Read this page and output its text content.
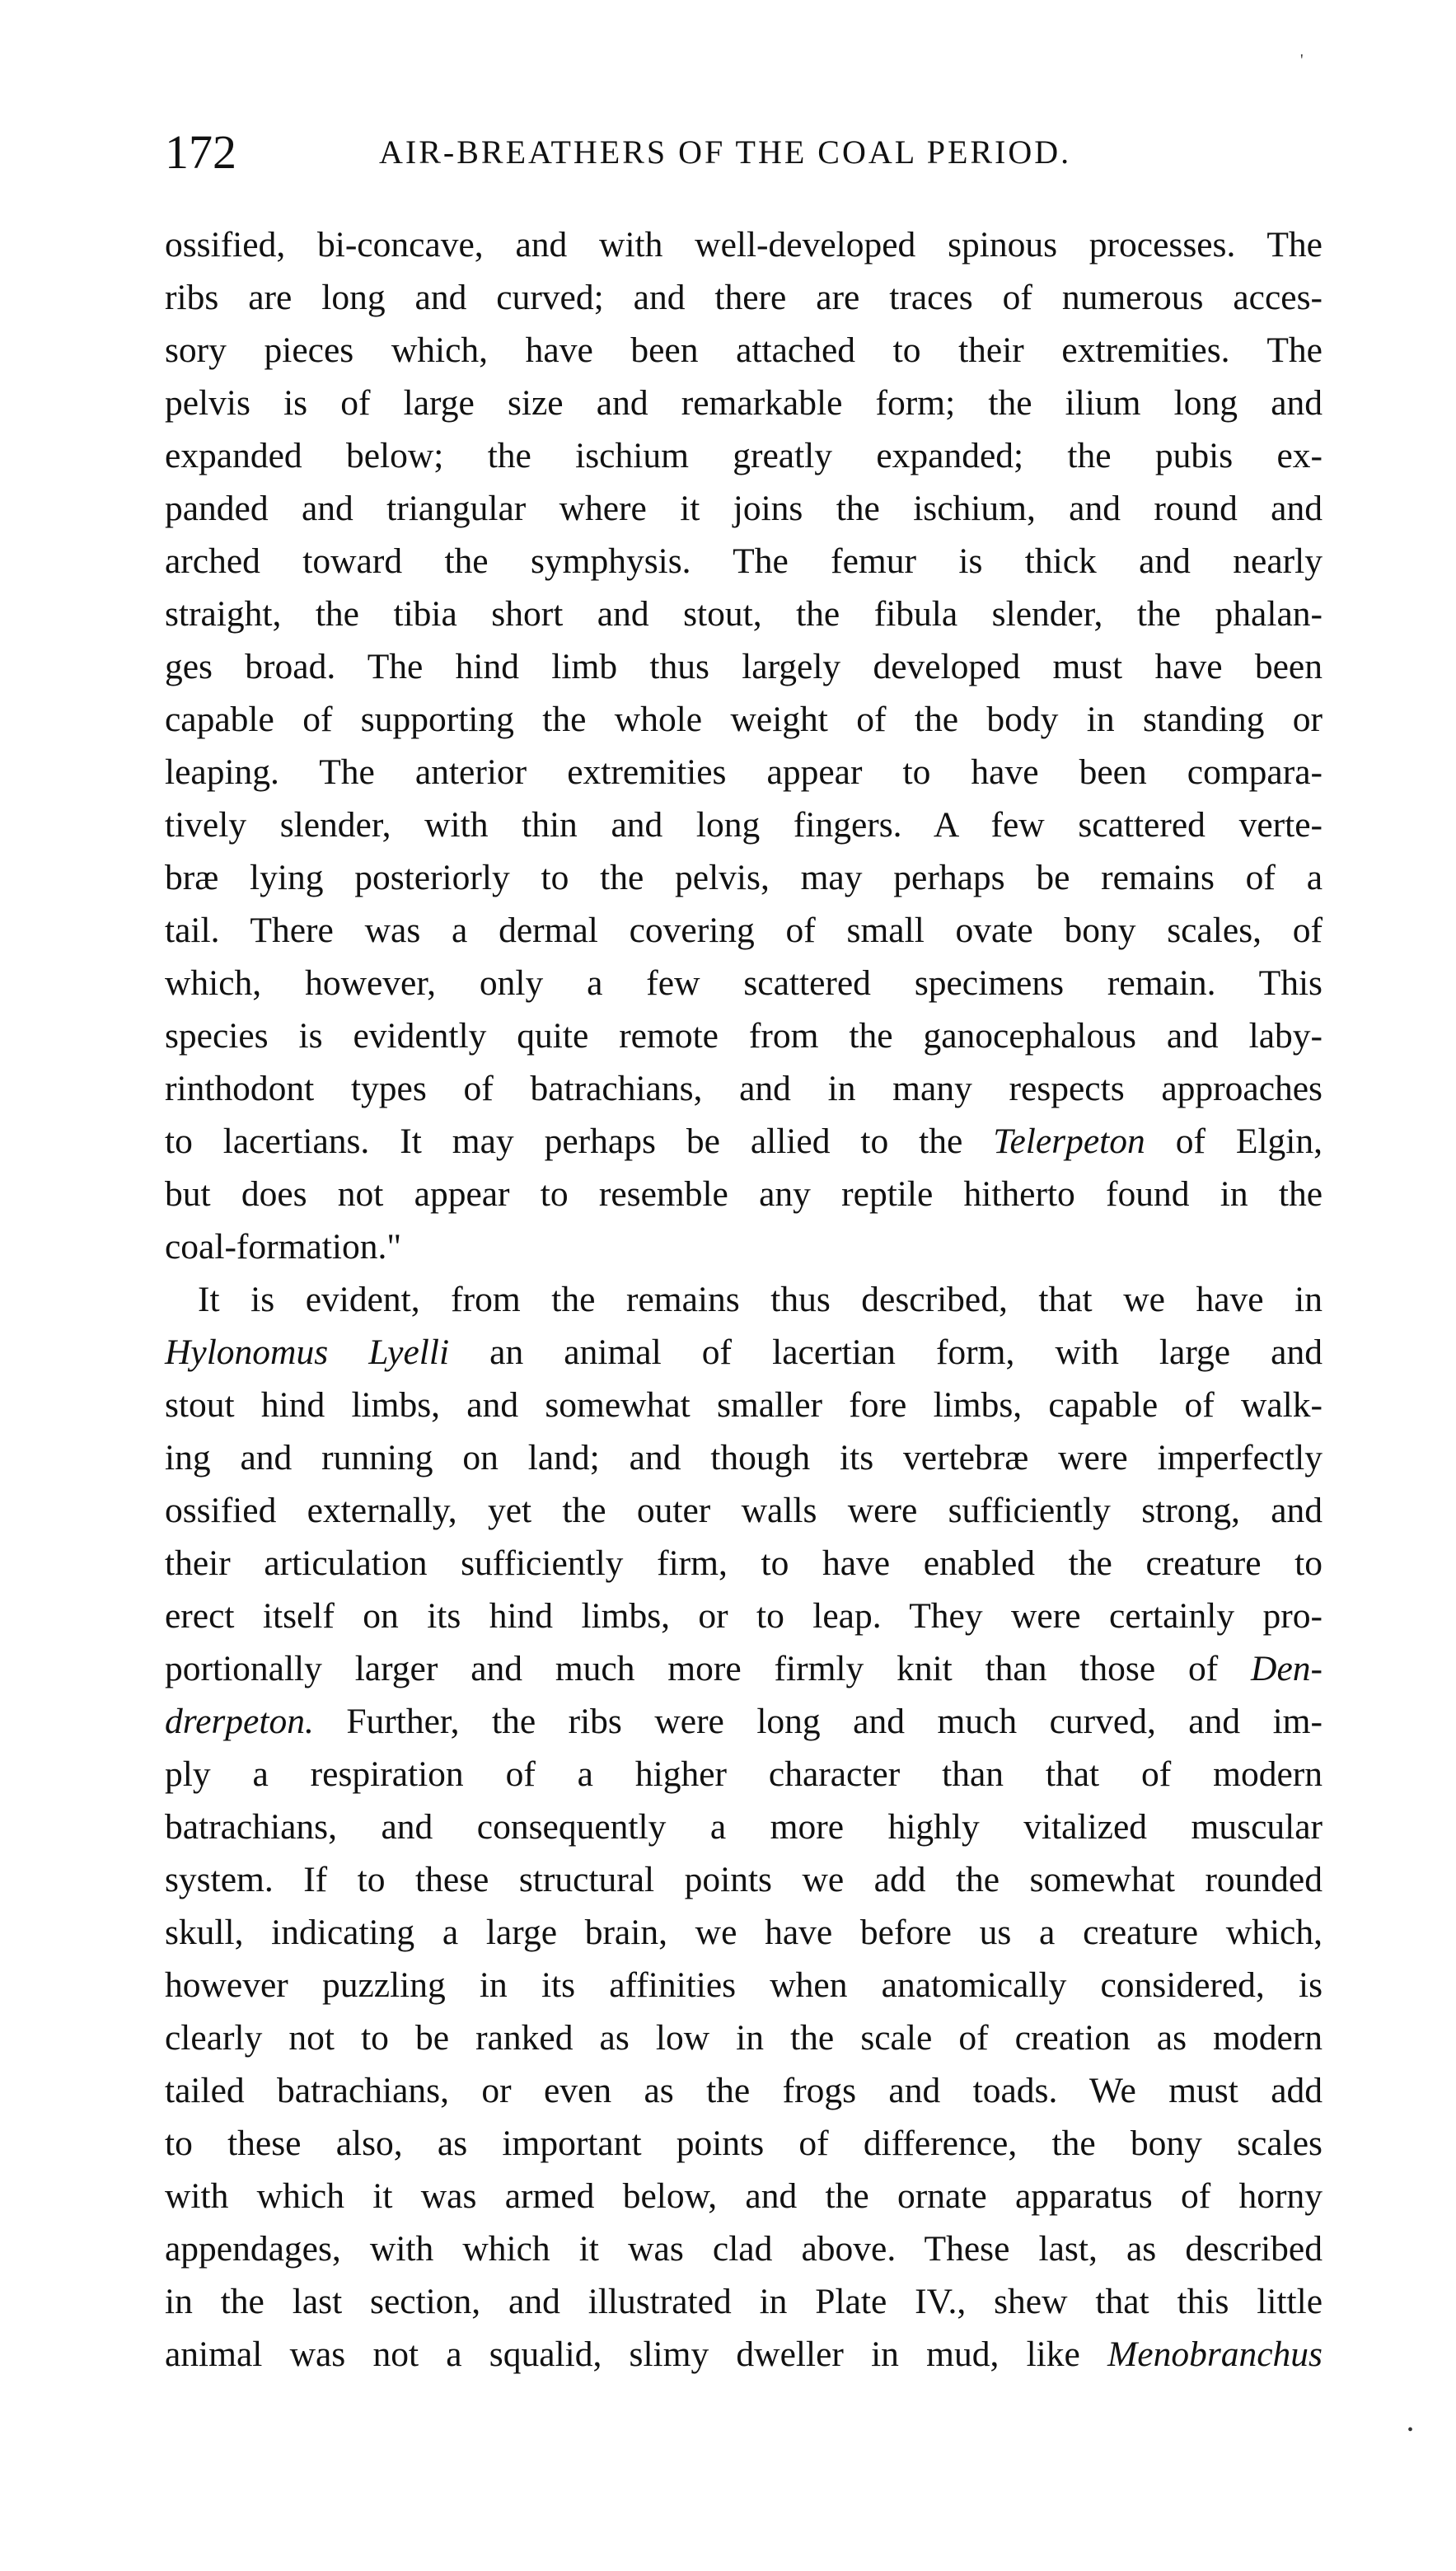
'
172	AIR-BREATHERS OF THE COAL PERIOD.
ossified, bi-concave, and with well-developed spinous processes. The
ribs are long and curved; and there are traces of numerous acces-
sory pieces which, have been attached to their extremities. The
pelvis is of large size and remarkable form; the ilium long and
expanded below; the ischium greatly expanded; the pubis ex-
panded and triangular where it joins the ischium, and round and
arched toward the symphysis. The femur is thick and nearly
straight, the tibia short and stout, the fibula slender, the phalan-
ges broad. The hind limb thus largely developed must have been
capable of supporting the whole weight of the body in standing or
leaping. The anterior extremities appear to have been compara-
tively slender, with thin and long fingers. A few scattered verte-
bræ lying posteriorly to the pelvis, may perhaps be remains of a
tail. There was a dermal covering of small ovate bony scales, of
which, however, only a few scattered specimens remain. This
species is evidently quite remote from the ganocephalous and laby-
rinthodont types of batrachians, and in many respects approaches
to lacertians. It may perhaps be allied to the Telerpeton of Elgin,
but does not appear to resemble any reptile hitherto found in the
coal-formation."
It is evident, from the remains thus described, that we have in
Hylonomus Lyelli an animal of lacertian form, with large and
stout hind limbs, and somewhat smaller fore limbs, capable of walk-
ing and running on land; and though its vertebræ were imperfectly
ossified externally, yet the outer walls were sufficiently strong, and
their articulation sufficiently firm, to have enabled the creature to
erect itself on its hind limbs, or to leap. They were certainly pro-
portionally larger and much more firmly knit than those of Den-
drerpeton. Further, the ribs were long and much curved, and im-
ply a respiration of a higher character than that of modern
batrachians, and consequently a more highly vitalized muscular
system. If to these structural points we add the somewhat rounded
skull, indicating a large brain, we have before us a creature which,
however puzzling in its affinities when anatomically considered, is
clearly not to be ranked as low in the scale of creation as modern
tailed batrachians, or even as the frogs and toads. We must add
to these also, as important points of difference, the bony scales
with which it was armed below, and the ornate apparatus of horny
appendages, with which it was clad above. These last, as described
in the last section, and illustrated in Plate IV., shew that this little
animal was not a squalid, slimy dweller in mud, like Menobranchus
•
